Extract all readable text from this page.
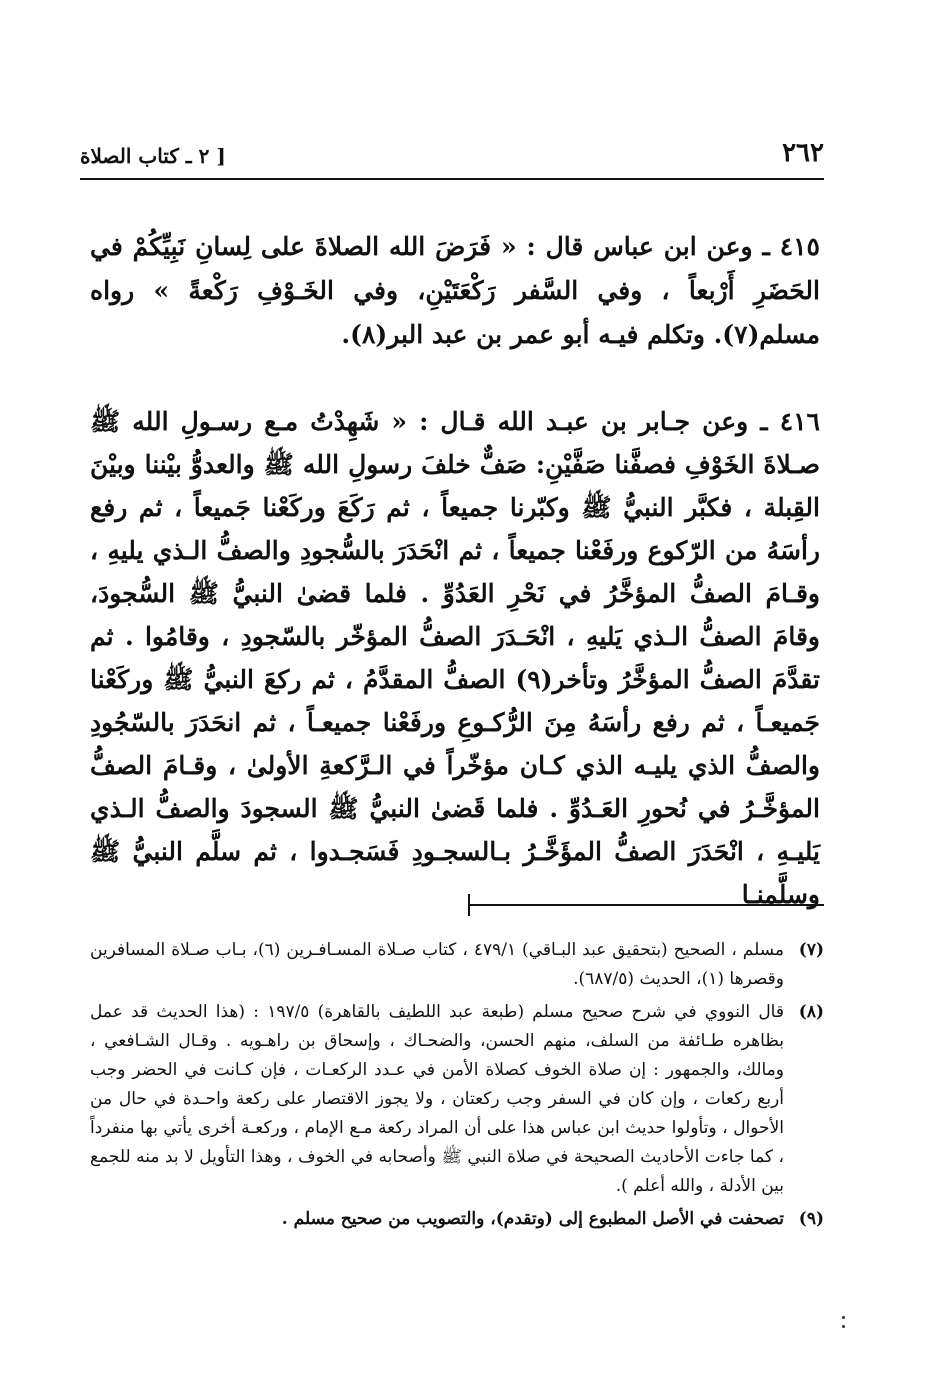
٢٦٢
[ ٢ ـ كتاب الصلاة

٤١٥ ـ وعن ابن عباس قال : « فَرَضَ الله الصلاةَ على لِسانِ نَبِيِّكُمْ في الحَضَرِ أَرْبعاً ، وفي السَّفر رَكْعَتَيْنِ، وفي الخَـوْفِ رَكْعةً » رواه مسلم(٧). وتكلم فيـه أبو عمر بن عبد البر(٨).

٤١٦ ـ وعن جـابر بن عبـد الله قـال : « شَهِدْتُ مـع رسـولِ الله ﷺ صـلاةَ الخَوْفِ فصفَّنا صَفَّيْنِ: صَفٌّ خلفَ رسولِ الله ﷺ والعدوُّ بيْننا وبيْنَ القِبلة ، فكبَّر النبيُّ ﷺ وكبّرنا جميعاً ، ثم رَكَعَ وركَعْنا جَميعاً ، ثم رفع رأسَهُ من الرّكوع ورفَعْنا جميعاً ، ثم انْحَدَرَ بالسُّجودِ والصفُّ الـذي يليهِ ، وقـامَ الصفُّ المؤخَّرُ في نَحْرِ العَدُوِّ . فلما قضىٰ النبيُّ ﷺ السُّجودَ، وقامَ الصفُّ الـذي يَليهِ ، انْحَـدَرَ الصفُّ المؤخّر بالسّجودِ ، وقامُوا . ثم تقدَّمَ الصفُّ المؤخَّرُ وتأخر(٩) الصفُّ المقدَّمُ ، ثم ركعَ النبيُّ ﷺ وركَعْنا جَميعـاً ، ثم رفع رأسَهُ مِنَ الرُّكـوعِ ورفَعْنا جميعـاً ، ثم انحَدَرَ بالسّجُودِ والصفُّ الذي يليـه الذي كـان مؤخّراً في الـرَّكعةِ الأولىٰ ، وقـامَ الصفُّ المؤخَّـرُ في نُحورِ العَـدُوِّ . فلما قَضىٰ النبيُّ ﷺ السجودَ والصفُّ الـذي يَليـهِ ، انْحَدَرَ الصفُّ المؤَخَّـرُ بـالسجـودِ فَسَجـدوا ، ثم سلَّم النبيُّ ﷺ وسلَّمنـا

(٧)
مسلم ، الصحيح (بتحقيق عبد البـاقي) ٤٧٩/١ ، كتاب صـلاة المسـافـرين (٦)، بـاب صـلاة المسافرين وقصرها (١)، الحديث (٦٨٧/٥).
(٨)
قال النووي في شرح صحيح مسلم (طبعة عبد اللطيف بالقاهرة) ١٩٧/٥ : (هذا الحديث قد عمل بظاهره طـائفة من السلف، منهم الحسن، والضحـاك ، وإسحاق بن راهـويه . وقـال الشـافعي ، ومالك، والجمهور : إن صلاة الخوف كصلاة الأمن في عـدد الركعـات ، فإن كـانت في الحضر وجب أربع ركعات ، وإن كان في السفر وجب ركعتان ، ولا يجوز الاقتصار على ركعة واحـدة في حال من الأحوال ، وتأولوا حديث ابن عباس هذا على أن المراد ركعة مـع الإمام ، وركعـة أخرى يأتي بها منفرداً ، كما جاءت الأحاديث الصحيحة في صلاة النبي ﷺ وأصحابه في الخوف ، وهذا التأويل لا بد منه للجمع بين الأدلة ، والله أعلم ).
(٩)
تصحفت في الأصل المطبوع إلى (وتقدم)، والتصويب من صحيح مسلم .
